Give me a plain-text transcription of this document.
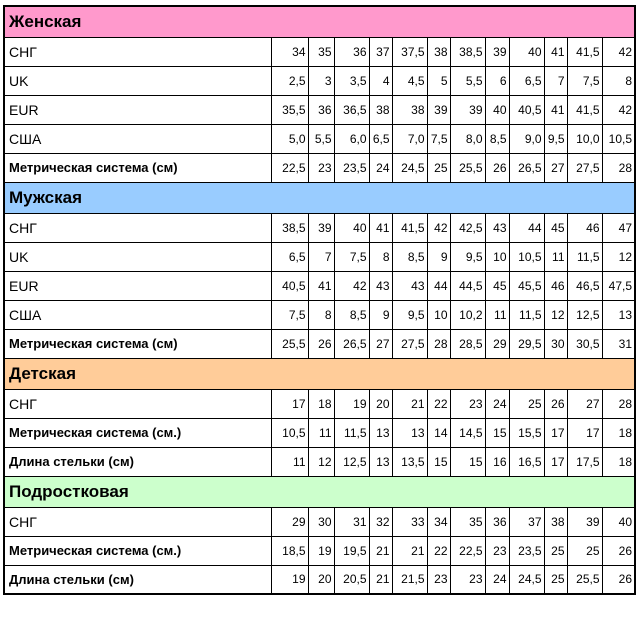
Женская												
СНГ	34	35	36	37	37,5	38	38,5	39	40	41	41,5	42
UK	2,5	3	3,5	4	4,5	5	5,5	6	6,5	7	7,5	8
EUR	35,5	36	36,5	38	38	39	39	40	40,5	41	41,5	42
США	5,0	5,5	6,0	6,5	7,0	7,5	8,0	8,5	9,0	9,5	10,0	10,5
Метрическая система (см)	22,5	23	23,5	24	24,5	25	25,5	26	26,5	27	27,5	28
Мужская												
СНГ	38,5	39	40	41	41,5	42	42,5	43	44	45	46	47
UK	6,5	7	7,5	8	8,5	9	9,5	10	10,5	11	11,5	12
EUR	40,5	41	42	43	43	44	44,5	45	45,5	46	46,5	47,5
США	7,5	8	8,5	9	9,5	10	10,2	11	11,5	12	12,5	13
Метрическая система (см)	25,5	26	26,5	27	27,5	28	28,5	29	29,5	30	30,5	31
Детская												
СНГ	17	18	19	20	21	22	23	24	25	26	27	28
Метрическая система (см.)	10,5	11	11,5	13	13	14	14,5	15	15,5	17	17	18
Длина стельки (см)	11	12	12,5	13	13,5	15	15	16	16,5	17	17,5	18
Подростковая												
СНГ	29	30	31	32	33	34	35	36	37	38	39	40
Метрическая система (см.)	18,5	19	19,5	21	21	22	22,5	23	23,5	25	25	26
Длина стельки (см)	19	20	20,5	21	21,5	23	23	24	24,5	25	25,5	26
